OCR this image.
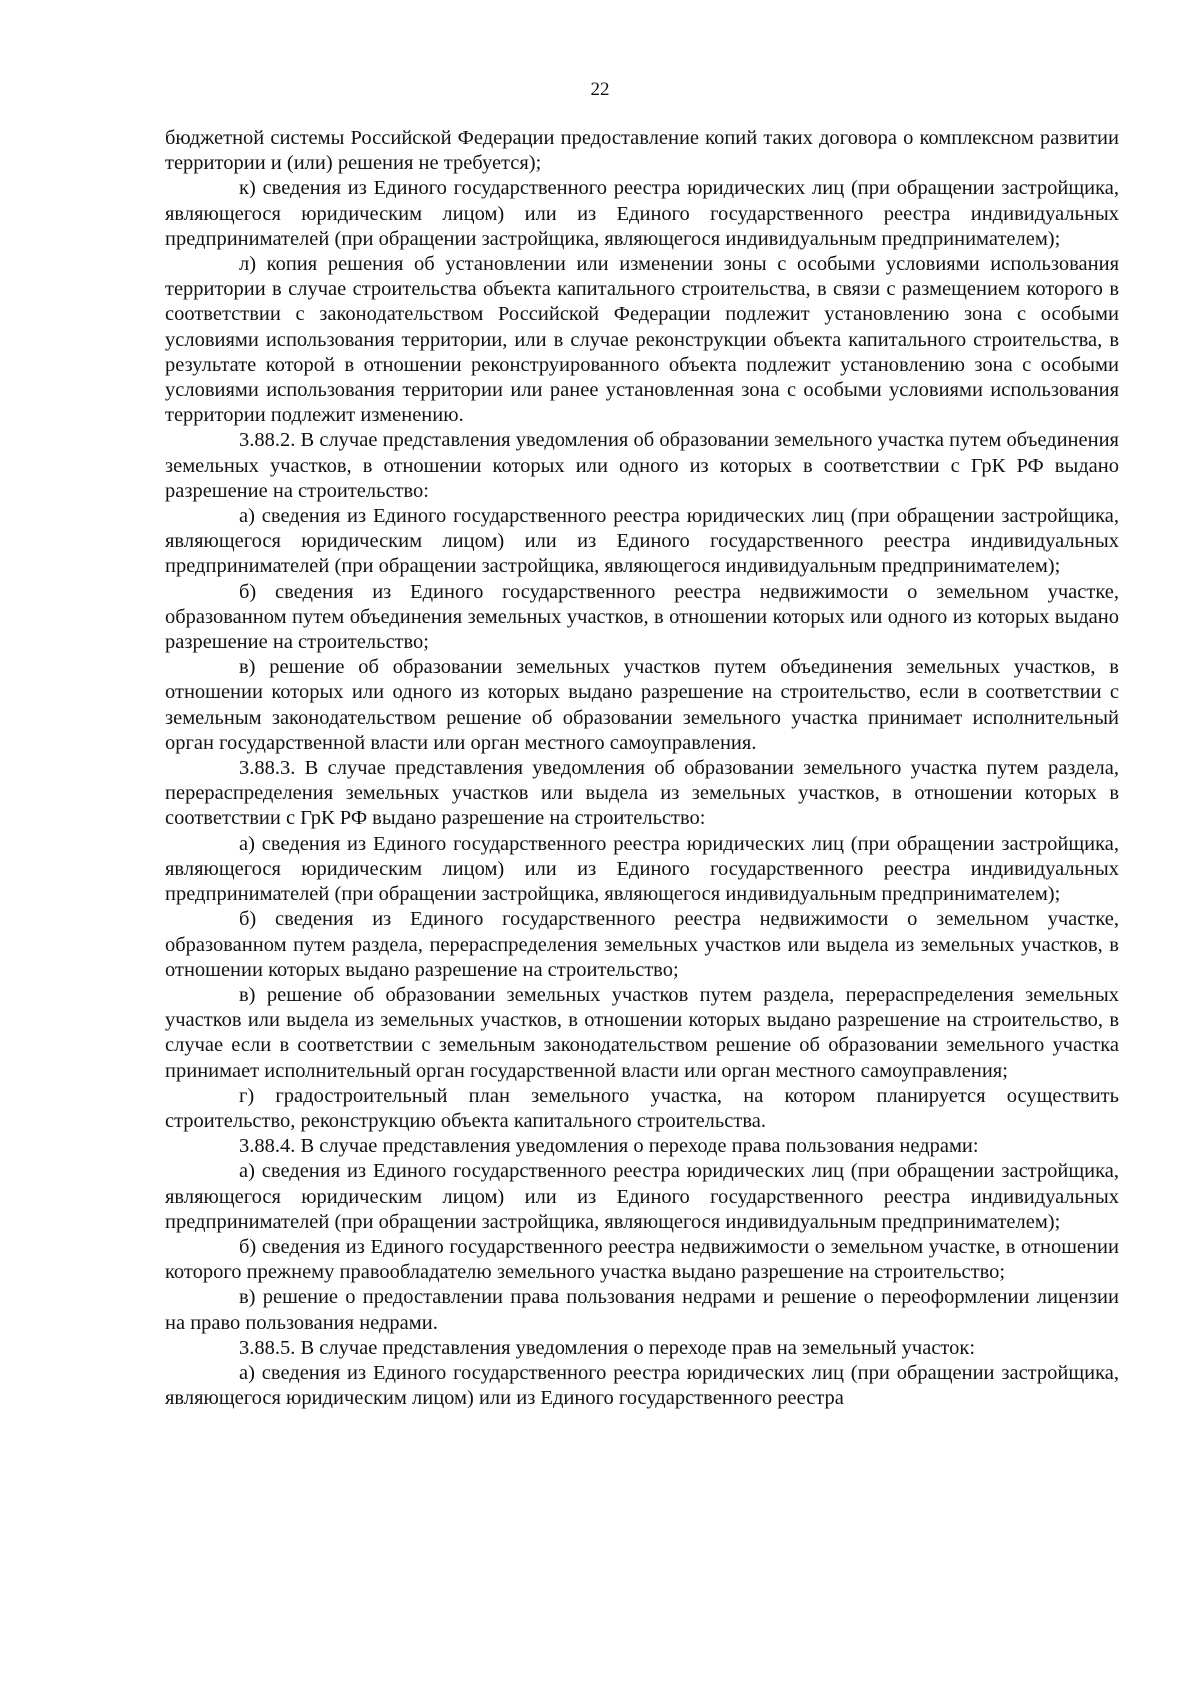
22

бюджетной системы Российской Федерации предоставление копий таких договора о комплексном развитии территории и (или) решения не требуется);

к) сведения из Единого государственного реестра юридических лиц (при обращении застройщика, являющегося юридическим лицом) или из Единого государственного реестра индивидуальных предпринимателей (при обращении застройщика, являющегося индивидуальным предпринимателем);

л) копия решения об установлении или изменении зоны с особыми условиями использования территории в случае строительства объекта капитального строительства, в связи с размещением которого в соответствии с законодательством Российской Федерации подлежит установлению зона с особыми условиями использования территории, или в случае реконструкции объекта капитального строительства, в результате которой в отношении реконструированного объекта подлежит установлению зона с особыми условиями использования территории или ранее установленная зона с особыми условиями использования территории подлежит изменению.

3.88.2. В случае представления уведомления об образовании земельного участка путем объединения земельных участков, в отношении которых или одного из которых в соответствии с ГрК РФ выдано разрешение на строительство:

а) сведения из Единого государственного реестра юридических лиц (при обращении застройщика, являющегося юридическим лицом) или из Единого государственного реестра индивидуальных предпринимателей (при обращении застройщика, являющегося индивидуальным предпринимателем);

б) сведения из Единого государственного реестра недвижимости о земельном участке, образованном путем объединения земельных участков, в отношении которых или одного из которых выдано разрешение на строительство;

в) решение об образовании земельных участков путем объединения земельных участков, в отношении которых или одного из которых выдано разрешение на строительство, если в соответствии с земельным законодательством решение об образовании земельного участка принимает исполнительный орган государственной власти или орган местного самоуправления.

3.88.3. В случае представления уведомления об образовании земельного участка путем раздела, перераспределения земельных участков или выдела из земельных участков, в отношении которых в соответствии с ГрК РФ выдано разрешение на строительство:

а) сведения из Единого государственного реестра юридических лиц (при обращении застройщика, являющегося юридическим лицом) или из Единого государственного реестра индивидуальных предпринимателей (при обращении застройщика, являющегося индивидуальным предпринимателем);

б) сведения из Единого государственного реестра недвижимости о земельном участке, образованном путем раздела, перераспределения земельных участков или выдела из земельных участков, в отношении которых выдано разрешение на строительство;

в) решение об образовании земельных участков путем раздела, перераспределения земельных участков или выдела из земельных участков, в отношении которых выдано разрешение на строительство, в случае если в соответствии с земельным законодательством решение об образовании земельного участка принимает исполнительный орган государственной власти или орган местного самоуправления;

г) градостроительный план земельного участка, на котором планируется осуществить строительство, реконструкцию объекта капитального строительства.

3.88.4. В случае представления уведомления о переходе права пользования недрами:

а) сведения из Единого государственного реестра юридических лиц (при обращении застройщика, являющегося юридическим лицом) или из Единого государственного реестра индивидуальных предпринимателей (при обращении застройщика, являющегося индивидуальным предпринимателем);

б) сведения из Единого государственного реестра недвижимости о земельном участке, в отношении которого прежнему правообладателю земельного участка выдано разрешение на строительство;

в) решение о предоставлении права пользования недрами и решение о переоформлении лицензии на право пользования недрами.

3.88.5. В случае представления уведомления о переходе прав на земельный участок:

а) сведения из Единого государственного реестра юридических лиц (при обращении застройщика, являющегося юридическим лицом) или из Единого государственного реестра
